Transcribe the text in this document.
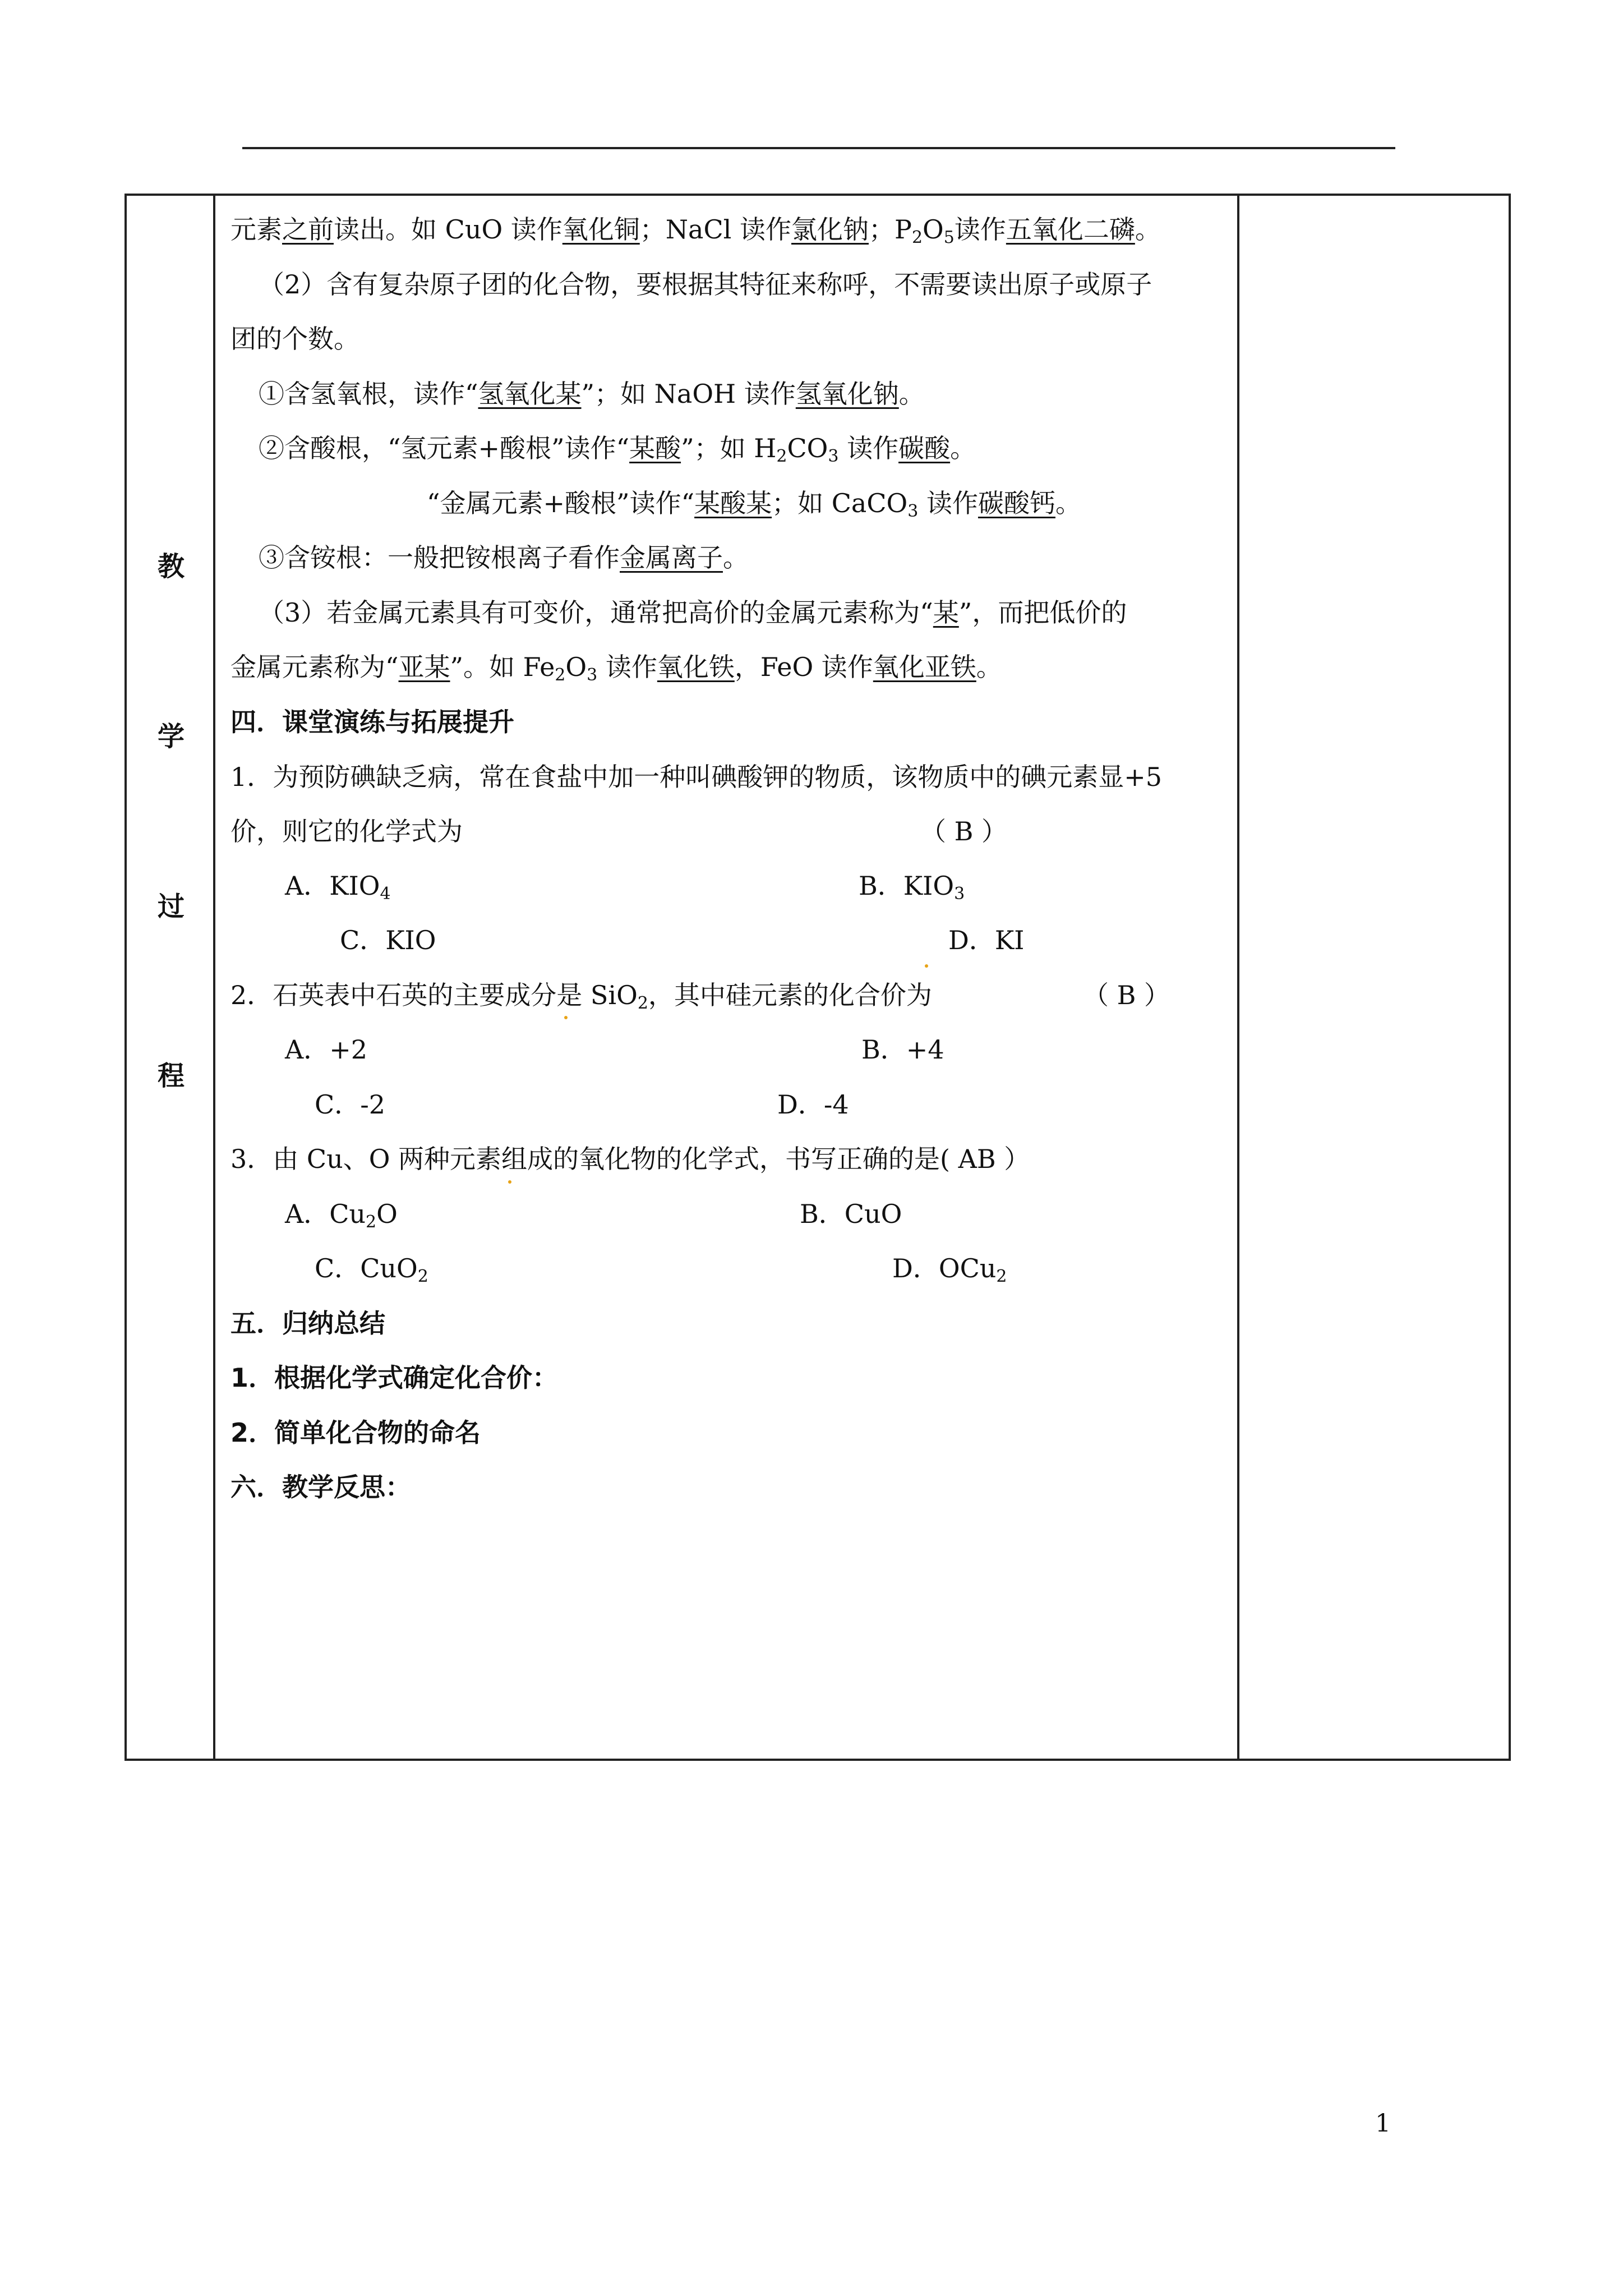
教
学
过
程
元素之前读出。如 CuO 读作氧化铜；NaCl 读作氯化钠；$P_2O_5$读作五氧化二磷。
（2）含有复杂原子团的化合物，要根据其特征来称呼，不需要读出原子或原子
团的个数。
①含氢氧根，读作“氢氧化某”；如 NaOH 读作氢氧化钠。
②含酸根，“氢元素+酸根”读作“某酸”；如 $H_2CO_3$ 读作碳酸。
“金属元素+酸根”读作“某酸某；如 CaCO$_3$ 读作碳酸钙。
③含铵根：一般把铵根离子看作金属离子。
（3）若金属元素具有可变价，通常把高价的金属元素称为“某”，而把低价的
金属元素称为“亚某”。如 $Fe_2O_3$ 读作氧化铁，FeO 读作氧化亚铁。
四．课堂演练与拓展提升
1．为预防碘缺乏病，常在食盐中加一种叫碘酸钾的物质，该物质中的碘元素显+5
价，则它的化学式为	（ B ）
A．$KIO_4$	B．$KIO_3$
C．KIO	D．KI
2．石英表中石英的主要成分是 SiO$_2$，其中硅元素的化合价为	（ B ）
A．+2	B．+4
C．-2	D．-4
3．由 Cu、O 两种元素组成的氧化物的化学式，书写正确的是( AB ）
A．$Cu_2O$	B．CuO
C．CuO$_2$	D．OCu$_2$
五．归纳总结
1．根据化学式确定化合价：
2．简单化合物的命名
六．教学反思：
1
